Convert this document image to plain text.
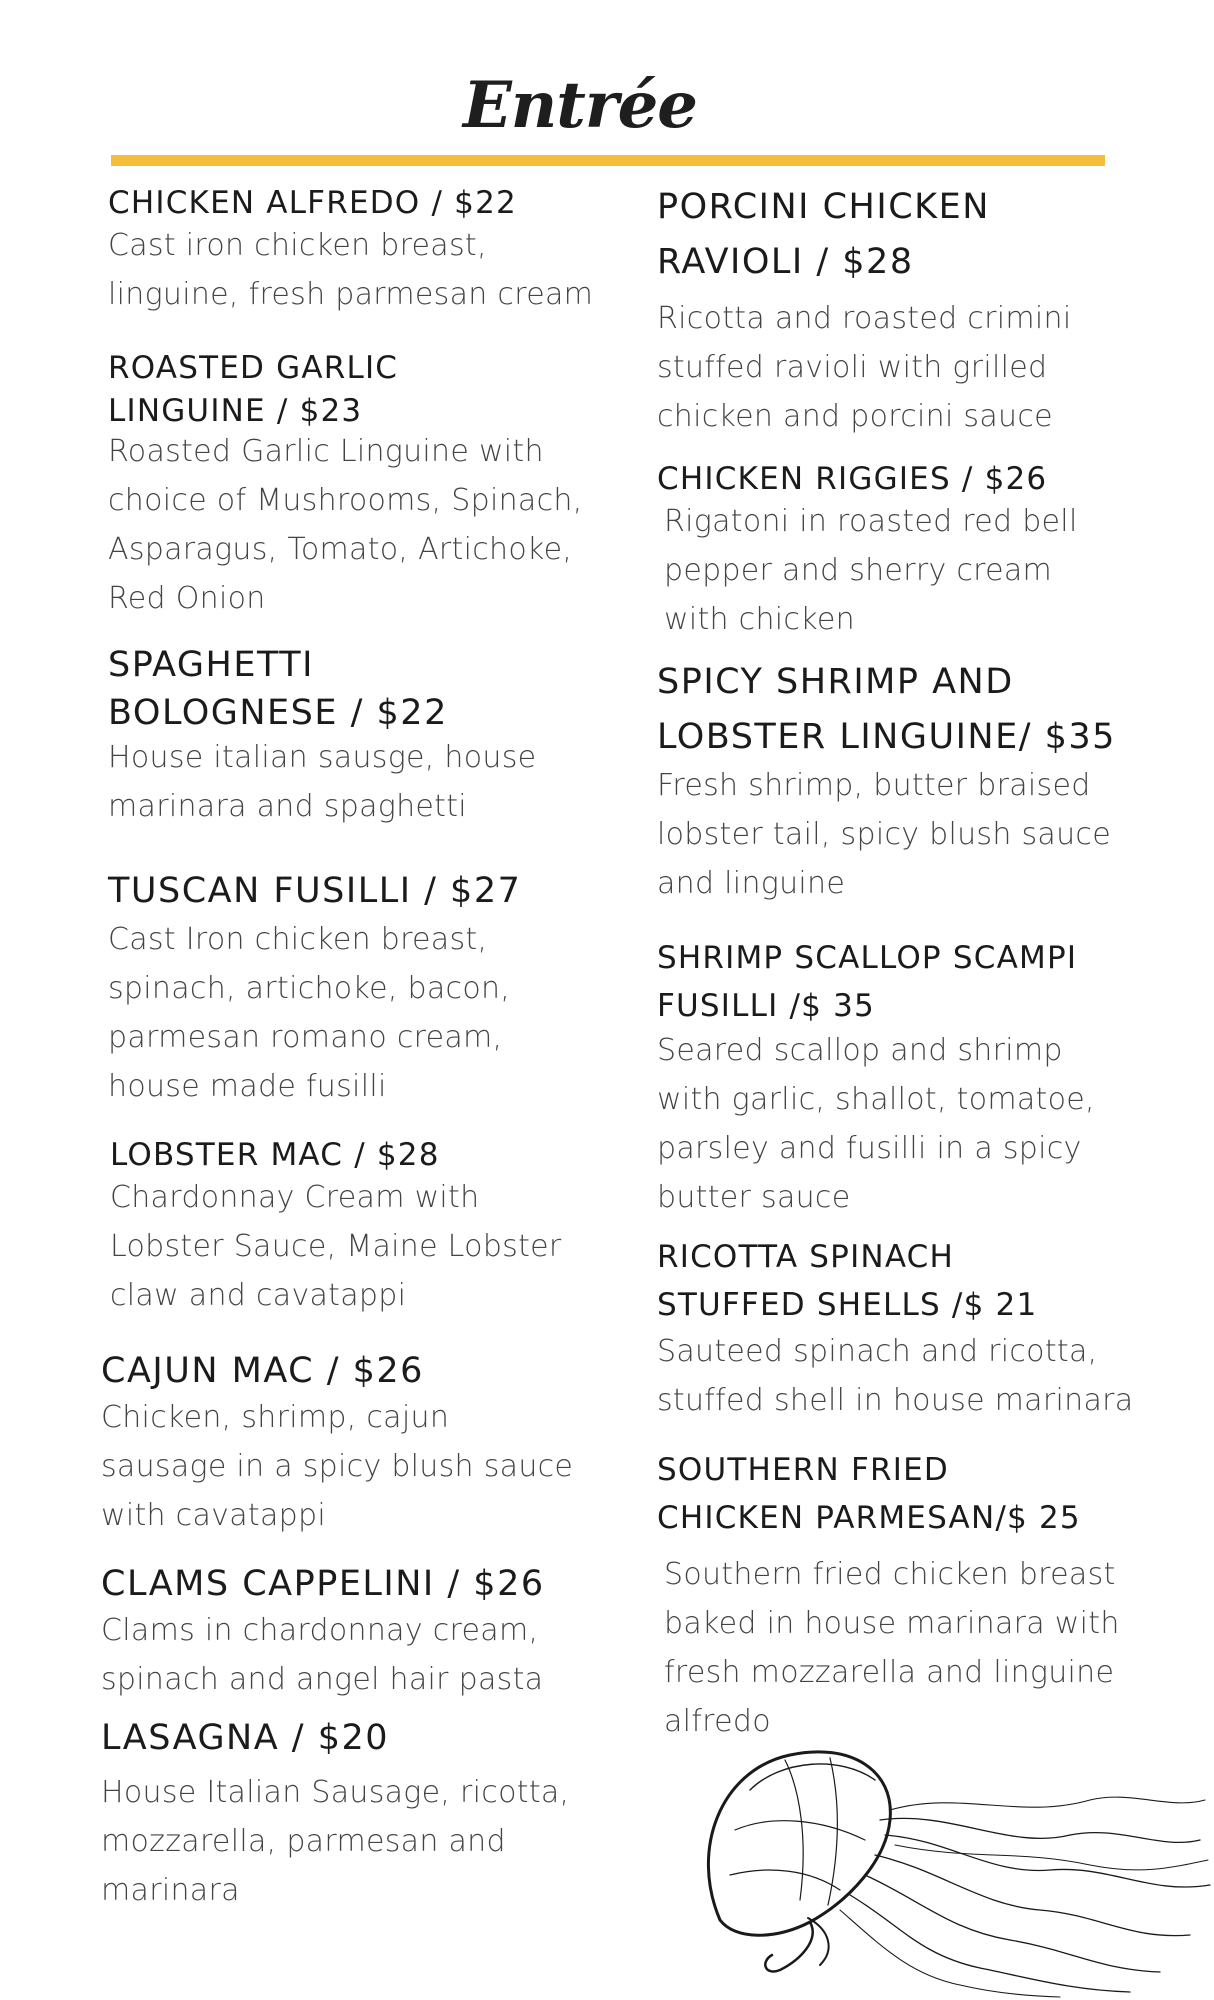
Entrée

CHICKEN ALFREDO / $22

Cast iron chicken breast,

linguine, fresh parmesan cream

ROASTED GARLIC

LINGUINE / $23

Roasted Garlic Linguine with

choice of Mushrooms, Spinach,

Asparagus, Tomato, Artichoke,

Red Onion

SPAGHETTI

BOLOGNESE / $22

House italian sausge, house

marinara and spaghetti

TUSCAN FUSILLI / $27

Cast Iron chicken breast,

spinach, artichoke, bacon,

parmesan romano cream,

house made fusilli

LOBSTER MAC / $28

Chardonnay Cream with

Lobster Sauce, Maine Lobster

claw and cavatappi

CAJUN MAC / $26

Chicken, shrimp, cajun

sausage in a spicy blush sauce

with cavatappi

CLAMS CAPPELINI / $26

Clams in chardonnay cream,

spinach and angel hair pasta

LASAGNA / $20

House Italian Sausage, ricotta,

mozzarella, parmesan and

marinara

PORCINI CHICKEN

RAVIOLI / $28

Ricotta and roasted crimini

stuffed ravioli with grilled

chicken and porcini sauce

CHICKEN RIGGIES / $26

Rigatoni in roasted red bell

pepper and sherry cream

with chicken

SPICY SHRIMP AND

LOBSTER LINGUINE/ $35

Fresh shrimp, butter braised

lobster tail, spicy blush sauce

and linguine

SHRIMP SCALLOP SCAMPI

FUSILLI /$ 35

Seared scallop and shrimp

with garlic, shallot, tomatoe,

parsley and fusilli in a spicy

butter sauce

RICOTTA SPINACH

STUFFED SHELLS /$ 21

Sauteed spinach and ricotta,

stuffed shell in house marinara

SOUTHERN FRIED

CHICKEN PARMESAN/$ 25

Southern fried chicken breast

baked in house marinara with

fresh mozzarella and linguine

alfredo
